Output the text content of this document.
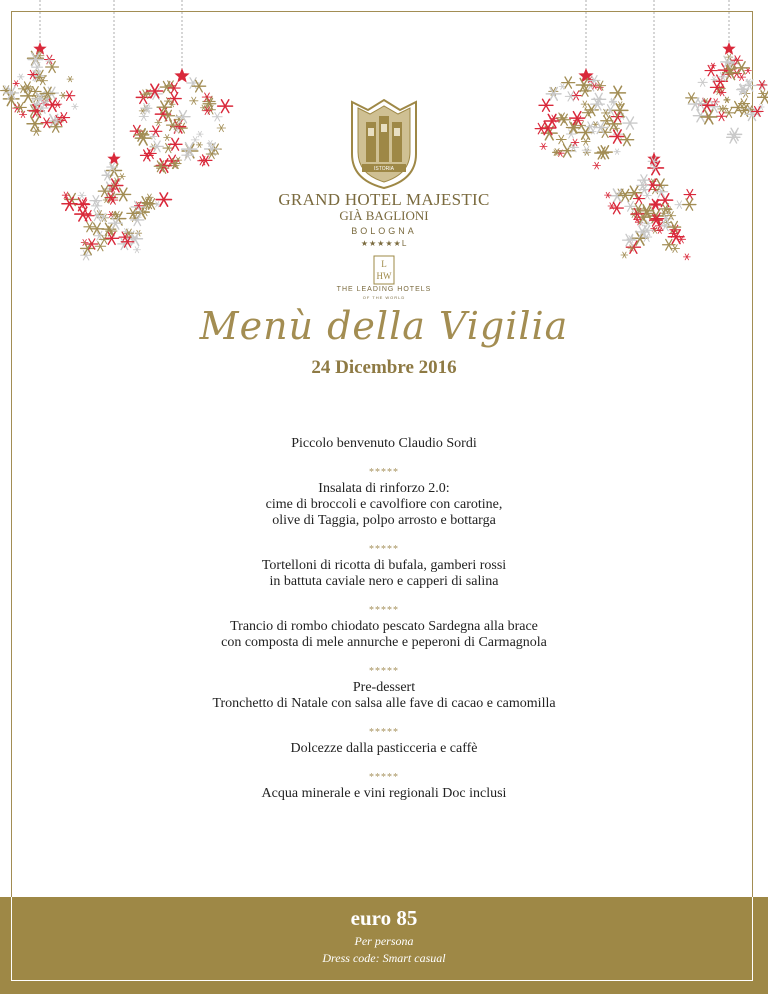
ISTORIA
GRAND HOTEL MAJESTIC
GIÀ BAGLIONI
BOLOGNA
★★★★★L
L
HW
THE LEADING HOTELS
OF THE WORLD
Menù della Vigilia
24 Dicembre 2016
Piccolo benvenuto Claudio Sordi
*****
Insalata di rinforzo 2.0:
cime di broccoli e cavolfiore con carotine,
olive di Taggia, polpo arrosto e bottarga
*****
Tortelloni di ricotta di bufala, gamberi rossi
in battuta caviale nero e capperi di salina
*****
Trancio di rombo chiodato pescato Sardegna alla brace
con composta di mele annurche e peperoni di Carmagnola
*****
Pre-dessert
Tronchetto di Natale con salsa alle fave di cacao e camomilla
*****
Dolcezze dalla pasticceria e caffè
*****
Acqua minerale e vini regionali Doc inclusi
euro 85
Per persona
Dress code: Smart casual
